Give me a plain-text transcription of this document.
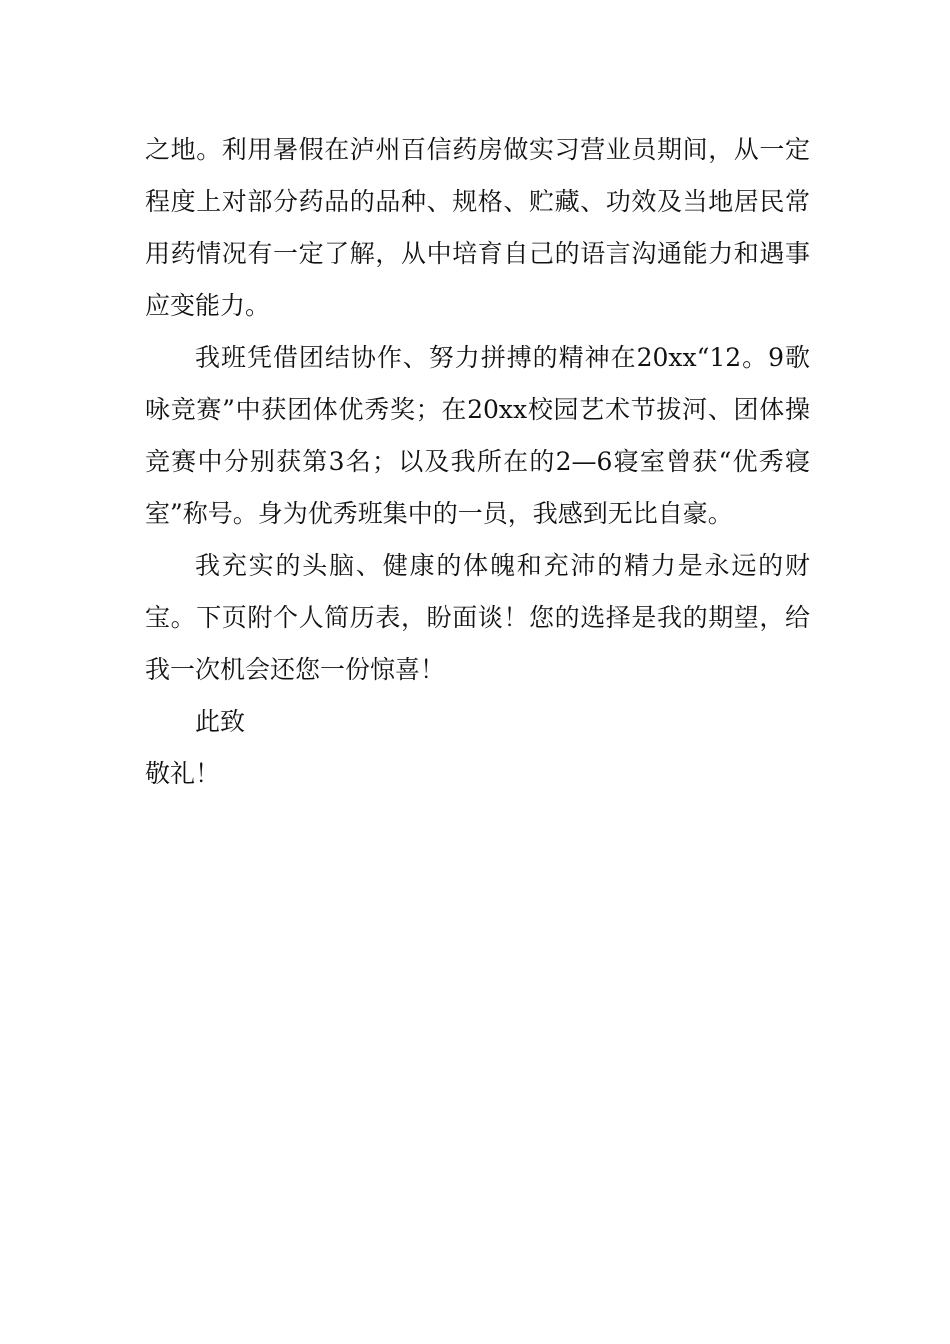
之地。利用暑假在泸州百信药房做实习营业员期间，从一定程度上对部分药品的品种、规格、贮藏、功效及当地居民常用药情况有一定了解，从中培育自己的语言沟通能力和遇事应变能力。

我班凭借团结协作、努力拼搏的精神在20xx“12。9歌咏竞赛”中获团体优秀奖；在20xx校园艺术节拔河、团体操竞赛中分别获第3名；以及我所在的2—6寝室曾获“优秀寝室”称号。身为优秀班集中的一员，我感到无比自豪。

我充实的头脑、健康的体魄和充沛的精力是永远的财宝。下页附个人简历表，盼面谈！您的选择是我的期望，给我一次机会还您一份惊喜！

此致

敬礼！
